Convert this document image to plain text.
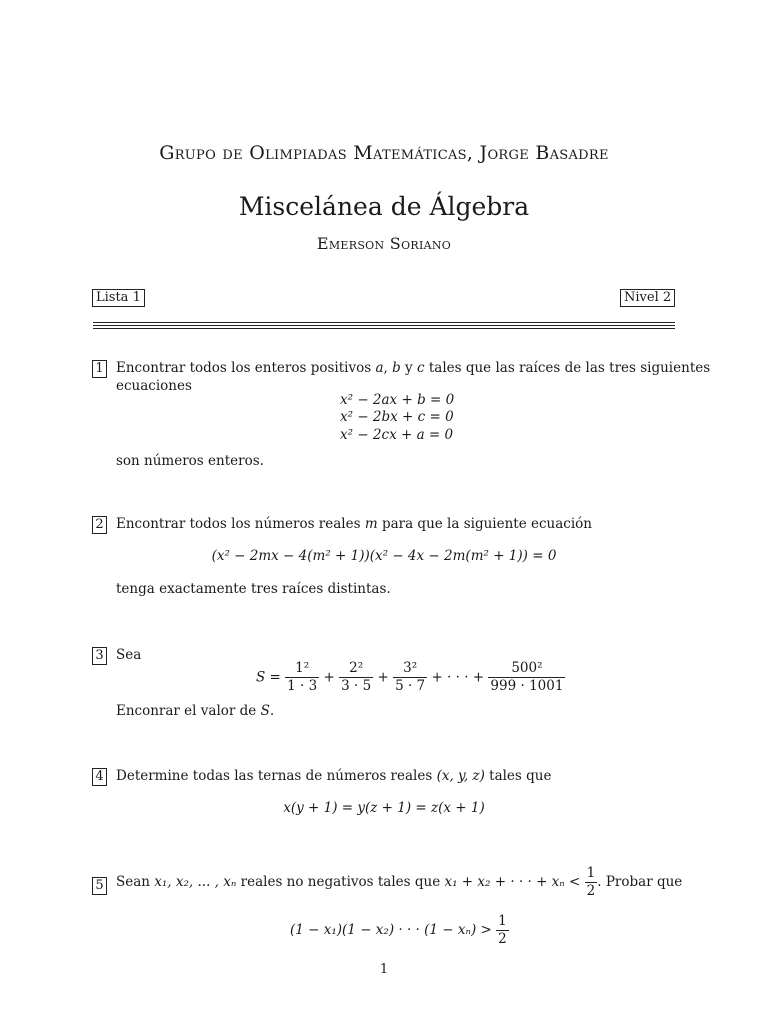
Grupo de Olimpiadas Matemáticas, Jorge Basadre
Miscelánea de Álgebra
Emerson Soriano
Lista 1	Nivel 2
1 Encontrar todos los enteros positivos a, b y c tales que las raíces de las tres siguientes
ecuaciones
x² − 2ax + b = 0
x² − 2bx + c = 0
x² − 2cx + a = 0
son números enteros.
2 Encontrar todos los números reales m para que la siguiente ecuación
(x² − 2mx − 4(m² + 1))(x² − 4x − 2m(m² + 1)) = 0
tenga exactamente tres raíces distintas.
3 Sea
$S = \frac{\text{1²}}{1 \cdot 3} + \frac{\text{2²}}{3 \cdot 5} + \frac{\text{3²}}{5 \cdot 7}$ + · · · + $\frac{\text{500²}}{999 \cdot 1001}$
Enconrar el valor de S.
4 Determine todas las ternas de números reales (x, y, z) tales que
x(y + 1) = y(z + 1) = z(x + 1)
5 Sean
x₁, x₂, ... , xₙ
reales no negativos tales que
x₁ + x₂ + · · · + xₙ <
$\frac{1}{2}$ . Probar que
(1 − x₁)(1 − x₂) · · · (1 − xₙ) >
$\frac{1}{2}$
1
